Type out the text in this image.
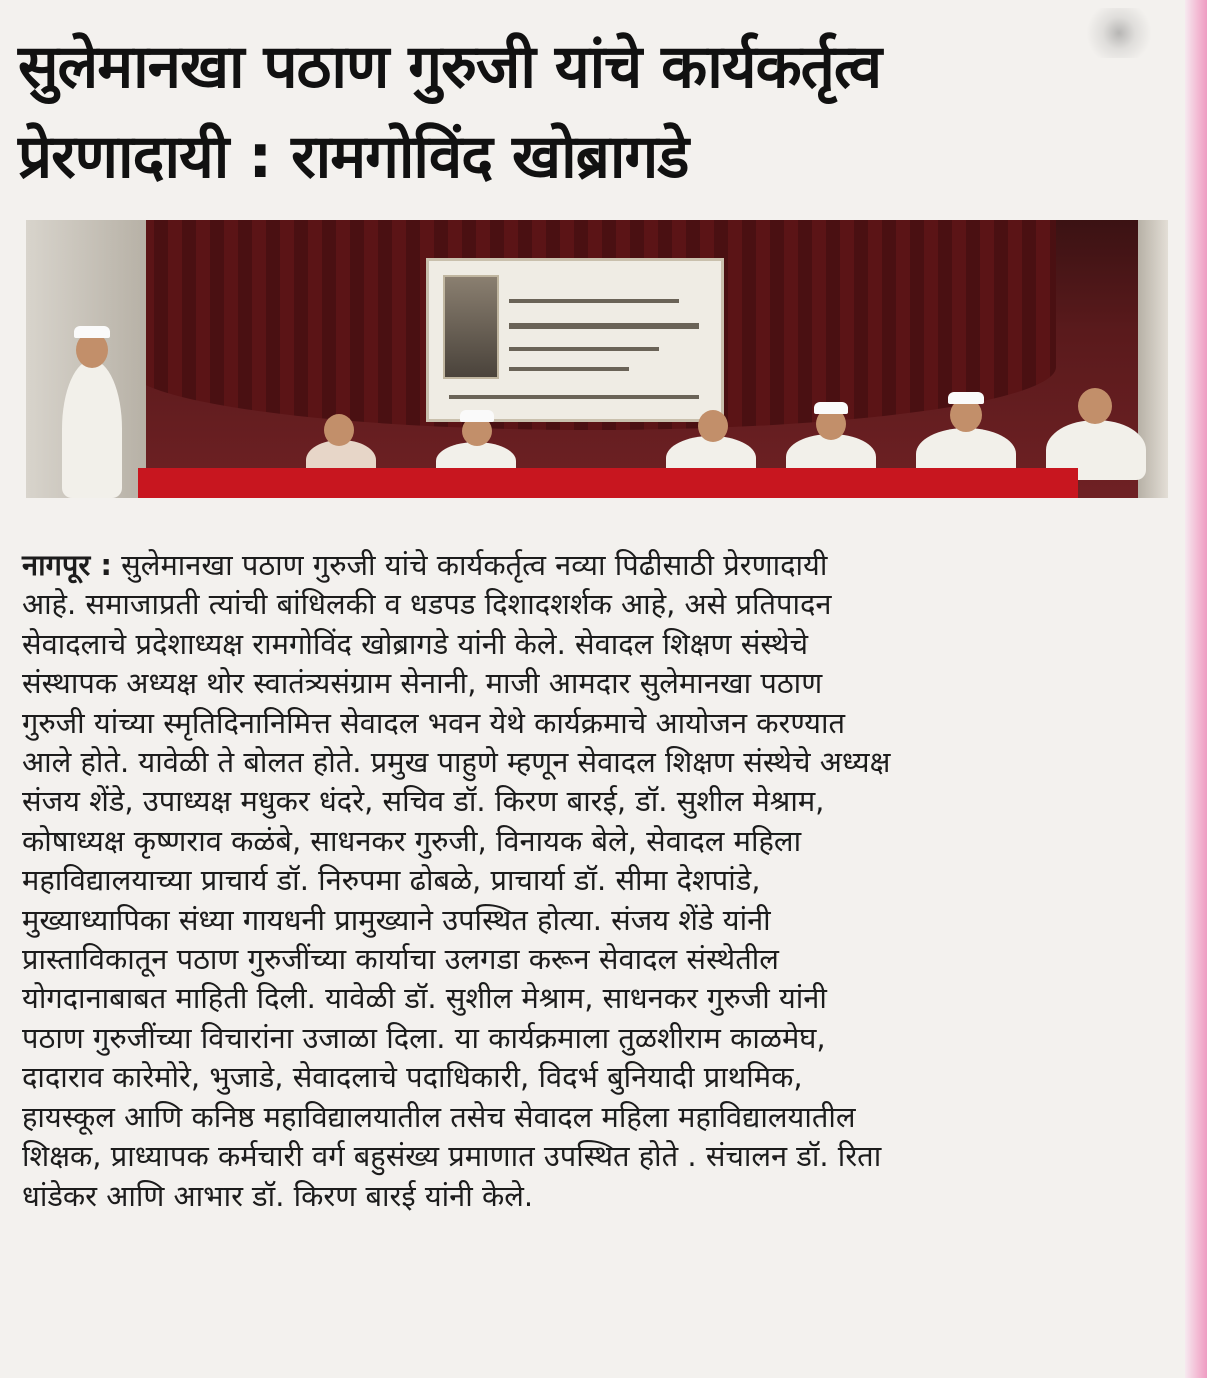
सुलेमानखा पठाण गुरुजी यांचे कार्यकर्तृत्व
प्रेरणादायी : रामगोविंद खोब्रागडे

नागपूर : सुलेमानखा पठाण गुरुजी यांचे कार्यकर्तृत्व नव्या पिढीसाठी प्रेरणादायी
आहे. समाजाप्रती त्यांची बांधिलकी व धडपड दिशादशर्शक आहे, असे प्रतिपादन
सेवादलाचे प्रदेशाध्यक्ष रामगोविंद खोब्रागडे यांनी केले. सेवादल शिक्षण संस्थेचे
संस्थापक अध्यक्ष थोर स्वातंत्र्यसंग्राम सेनानी, माजी आमदार सुलेमानखा पठाण
गुरुजी यांच्या स्मृतिदिनानिमित्त सेवादल भवन येथे कार्यक्रमाचे आयोजन करण्यात
आले होते. यावेळी ते बोलत होते. प्रमुख पाहुणे म्हणून सेवादल शिक्षण संस्थेचे अध्यक्ष
संजय शेंडे, उपाध्यक्ष मधुकर धंदरे, सचिव डॉ. किरण बारई, डॉ. सुशील मेश्राम,
कोषाध्यक्ष कृष्णराव कळंबे, साधनकर गुरुजी, विनायक बेले, सेवादल महिला
महाविद्यालयाच्या प्राचार्य डॉ. निरुपमा ढोबळे, प्राचार्या डॉ. सीमा देशपांडे,
मुख्याध्यापिका संध्या गायधनी प्रामुख्याने उपस्थित होत्या. संजय शेंडे यांनी
प्रास्ताविकातून पठाण गुरुजींच्या कार्याचा उलगडा करून सेवादल संस्थेतील
योगदानाबाबत माहिती दिली. यावेळी डॉ. सुशील मेश्राम, साधनकर गुरुजी यांनी
पठाण गुरुजींच्या विचारांना उजाळा दिला. या कार्यक्रमाला तुळशीराम काळमेघ,
दादाराव कारेमोरे, भुजाडे, सेवादलाचे पदाधिकारी, विदर्भ बुनियादी प्राथमिक,
हायस्कूल आणि कनिष्ठ महाविद्यालयातील तसेच सेवादल महिला महाविद्यालयातील
शिक्षक, प्राध्यापक कर्मचारी वर्ग बहुसंख्य प्रमाणात उपस्थित होते . संचालन डॉ. रिता
धांडेकर आणि आभार डॉ. किरण बारई यांनी केले.
